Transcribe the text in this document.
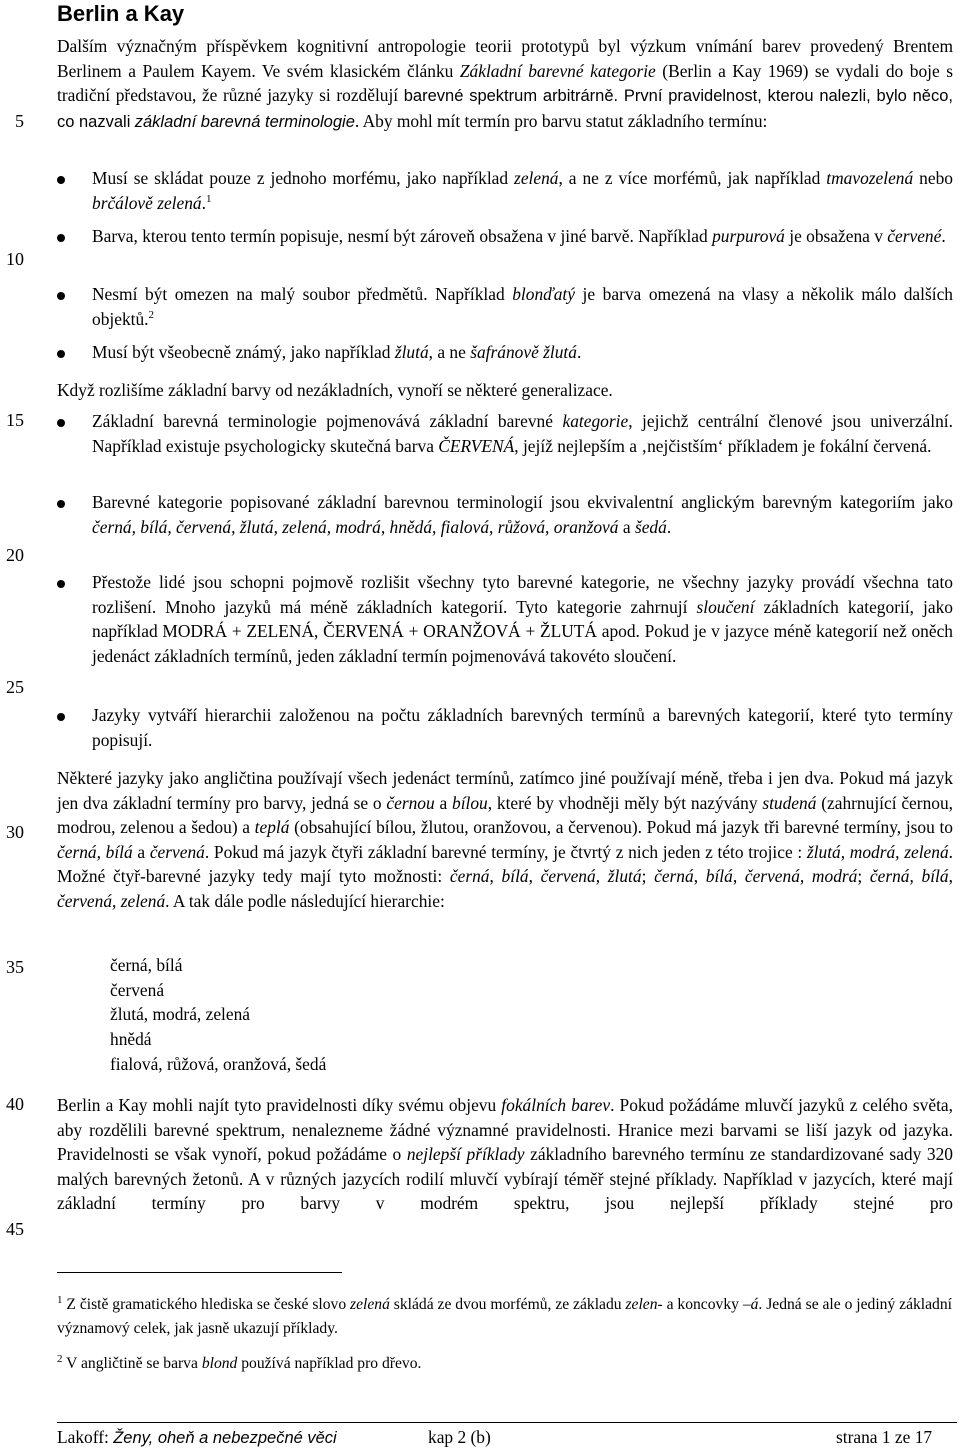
Berlin a Kay
5
10
15
20
25
30
35
40
45
Dalším význačným příspěvkem kognitivní antropologie teorii prototypů byl výzkum vnímání barev provedený Brentem Berlinem a Paulem Kayem. Ve svém klasickém článku Základní barevné kategorie (Berlin a Kay 1969) se vydali do boje s tradiční představou, že různé jazyky si rozdělují barevné spektrum arbitrárně. První pravidelnost, kterou nalezli, bylo něco, co nazvali základní barevná terminologie. Aby mohl mít termín pro barvu statut základního termínu:
Musí se skládat pouze z jednoho morfému, jako například zelená, a ne z více morfémů, jak například tmavozelená nebo brčálově zelená.$^1$
Barva, kterou tento termín popisuje, nesmí být zároveň obsažena v jiné barvě. Například purpurová je obsažena v červené.
Nesmí být omezen na malý soubor předmětů. Například blonďatý je barva omezená na vlasy a několik málo dalších objektů.$^2$
Musí být všeobecně známý, jako například žlutá, a ne šafránově žlutá.
Když rozlišíme základní barvy od nezákladních, vynoří se některé generalizace.
Základní barevná terminologie pojmenovává základní barevné kategorie, jejichž centrální členové jsou univerzální. Například existuje psychologicky skutečná barva ČERVENÁ, jejíž nejlepším a ‚nejčistším‘ příkladem je fokální červená.
Barevné kategorie popisované základní barevnou terminologií jsou ekvivalentní anglickým barevným kategoriím jako černá, bílá, červená, žlutá, zelená, modrá, hnědá, fialová, růžová, oranžová a šedá.
Přestože lidé jsou schopni pojmově rozlišit všechny tyto barevné kategorie, ne všechny jazyky provádí všechna tato rozlišení. Mnoho jazyků má méně základních kategorií. Tyto kategorie zahrnují sloučení základních kategorií, jako například MODRÁ + ZELENÁ, ČERVENÁ + ORANŽOVÁ + ŽLUTÁ apod. Pokud je v jazyce méně kategorií než oněch jedenáct základních termínů, jeden základní termín pojmenovává takovéto sloučení.
Jazyky vytváří hierarchii založenou na počtu základních barevných termínů a barevných kategorií, které tyto termíny popisují.
Některé jazyky jako angličtina používají všech jedenáct termínů, zatímco jiné používají méně, třeba i jen dva. Pokud má jazyk jen dva základní termíny pro barvy, jedná se o černou a bílou, které by vhodněji měly být nazývány studená (zahrnující černou, modrou, zelenou a šedou) a teplá (obsahující bílou, žlutou, oranžovou, a červenou). Pokud má jazyk tři barevné termíny, jsou to černá, bílá a červená. Pokud má jazyk čtyři základní barevné termíny, je čtvrtý z nich jeden z této trojice : žlutá, modrá, zelená. Možné čtyř-barevné jazyky tedy mají tyto možnosti: černá, bílá, červená, žlutá; černá, bílá, červená, modrá; černá, bílá, červená, zelená. A tak dále podle následující hierarchie:
černá, bílá
červená
žlutá, modrá, zelená
hnědá
fialová, růžová, oranžová, šedá
Berlin a Kay mohli najít tyto pravidelnosti díky svému objevu fokálních barev. Pokud požádáme mluvčí jazyků z celého světa, aby rozdělili barevné spektrum, nenalezneme žádné významné pravidelnosti. Hranice mezi barvami se liší jazyk od jazyka. Pravidelnosti se však vynoří, pokud požádáme o nejlepší příklady základního barevného termínu ze standardizované sady 320 malých barevných žetonů. A v různých jazycích rodilí mluvčí vybírají téměř stejné příklady. Například v jazycích, které mají základní termíny pro barvy v modrém spektru, jsou nejlepší příklady stejné pro
$^1$ Z čistě gramatického hlediska se české slovo zelená skládá ze dvou morfémů, ze základu zelen- a koncovky –á. Jedná se ale o jediný základní významový celek, jak jasně ukazují příklady.
$^2$ V angličtině se barva blond používá například pro dřevo.
Lakoff: Ženy, oheň a nebezpečné věci	kap 2 (b)	strana 1 ze 17
